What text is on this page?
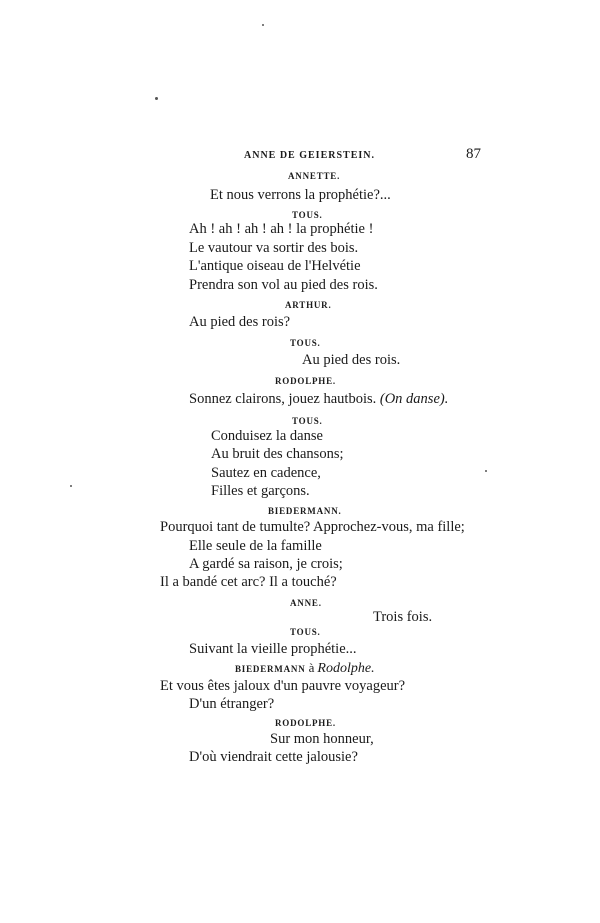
ANNE DE GEIERSTEIN.	87
ANNETTE.
Et nous verrons la prophétie?...
TOUS.
Ah ! ah ! ah ! ah ! la prophétie !
Le vautour va sortir des bois.
L'antique oiseau de l'Helvétie
Prendra son vol au pied des rois.
ARTHUR.
Au pied des rois?
TOUS.
Au pied des rois.
RODOLPHE.
Sonnez clairons, jouez hautbois. (On danse).
TOUS.
Conduisez la danse
Au bruit des chansons;
Sautez en cadence,
Filles et garçons.
BIEDERMANN.
Pourquoi tant de tumulte? Approchez-vous, ma fille;
Elle seule de la famille
A gardé sa raison, je crois;
Il a bandé cet arc? Il a touché?
ANNE.
Trois fois.
TOUS.
Suivant la vieille prophétie...
BIEDERMANN à Rodolphe.
Et vous êtes jaloux d'un pauvre voyageur?
D'un étranger?
RODOLPHE.
Sur mon honneur,
D'où viendrait cette jalousie?
